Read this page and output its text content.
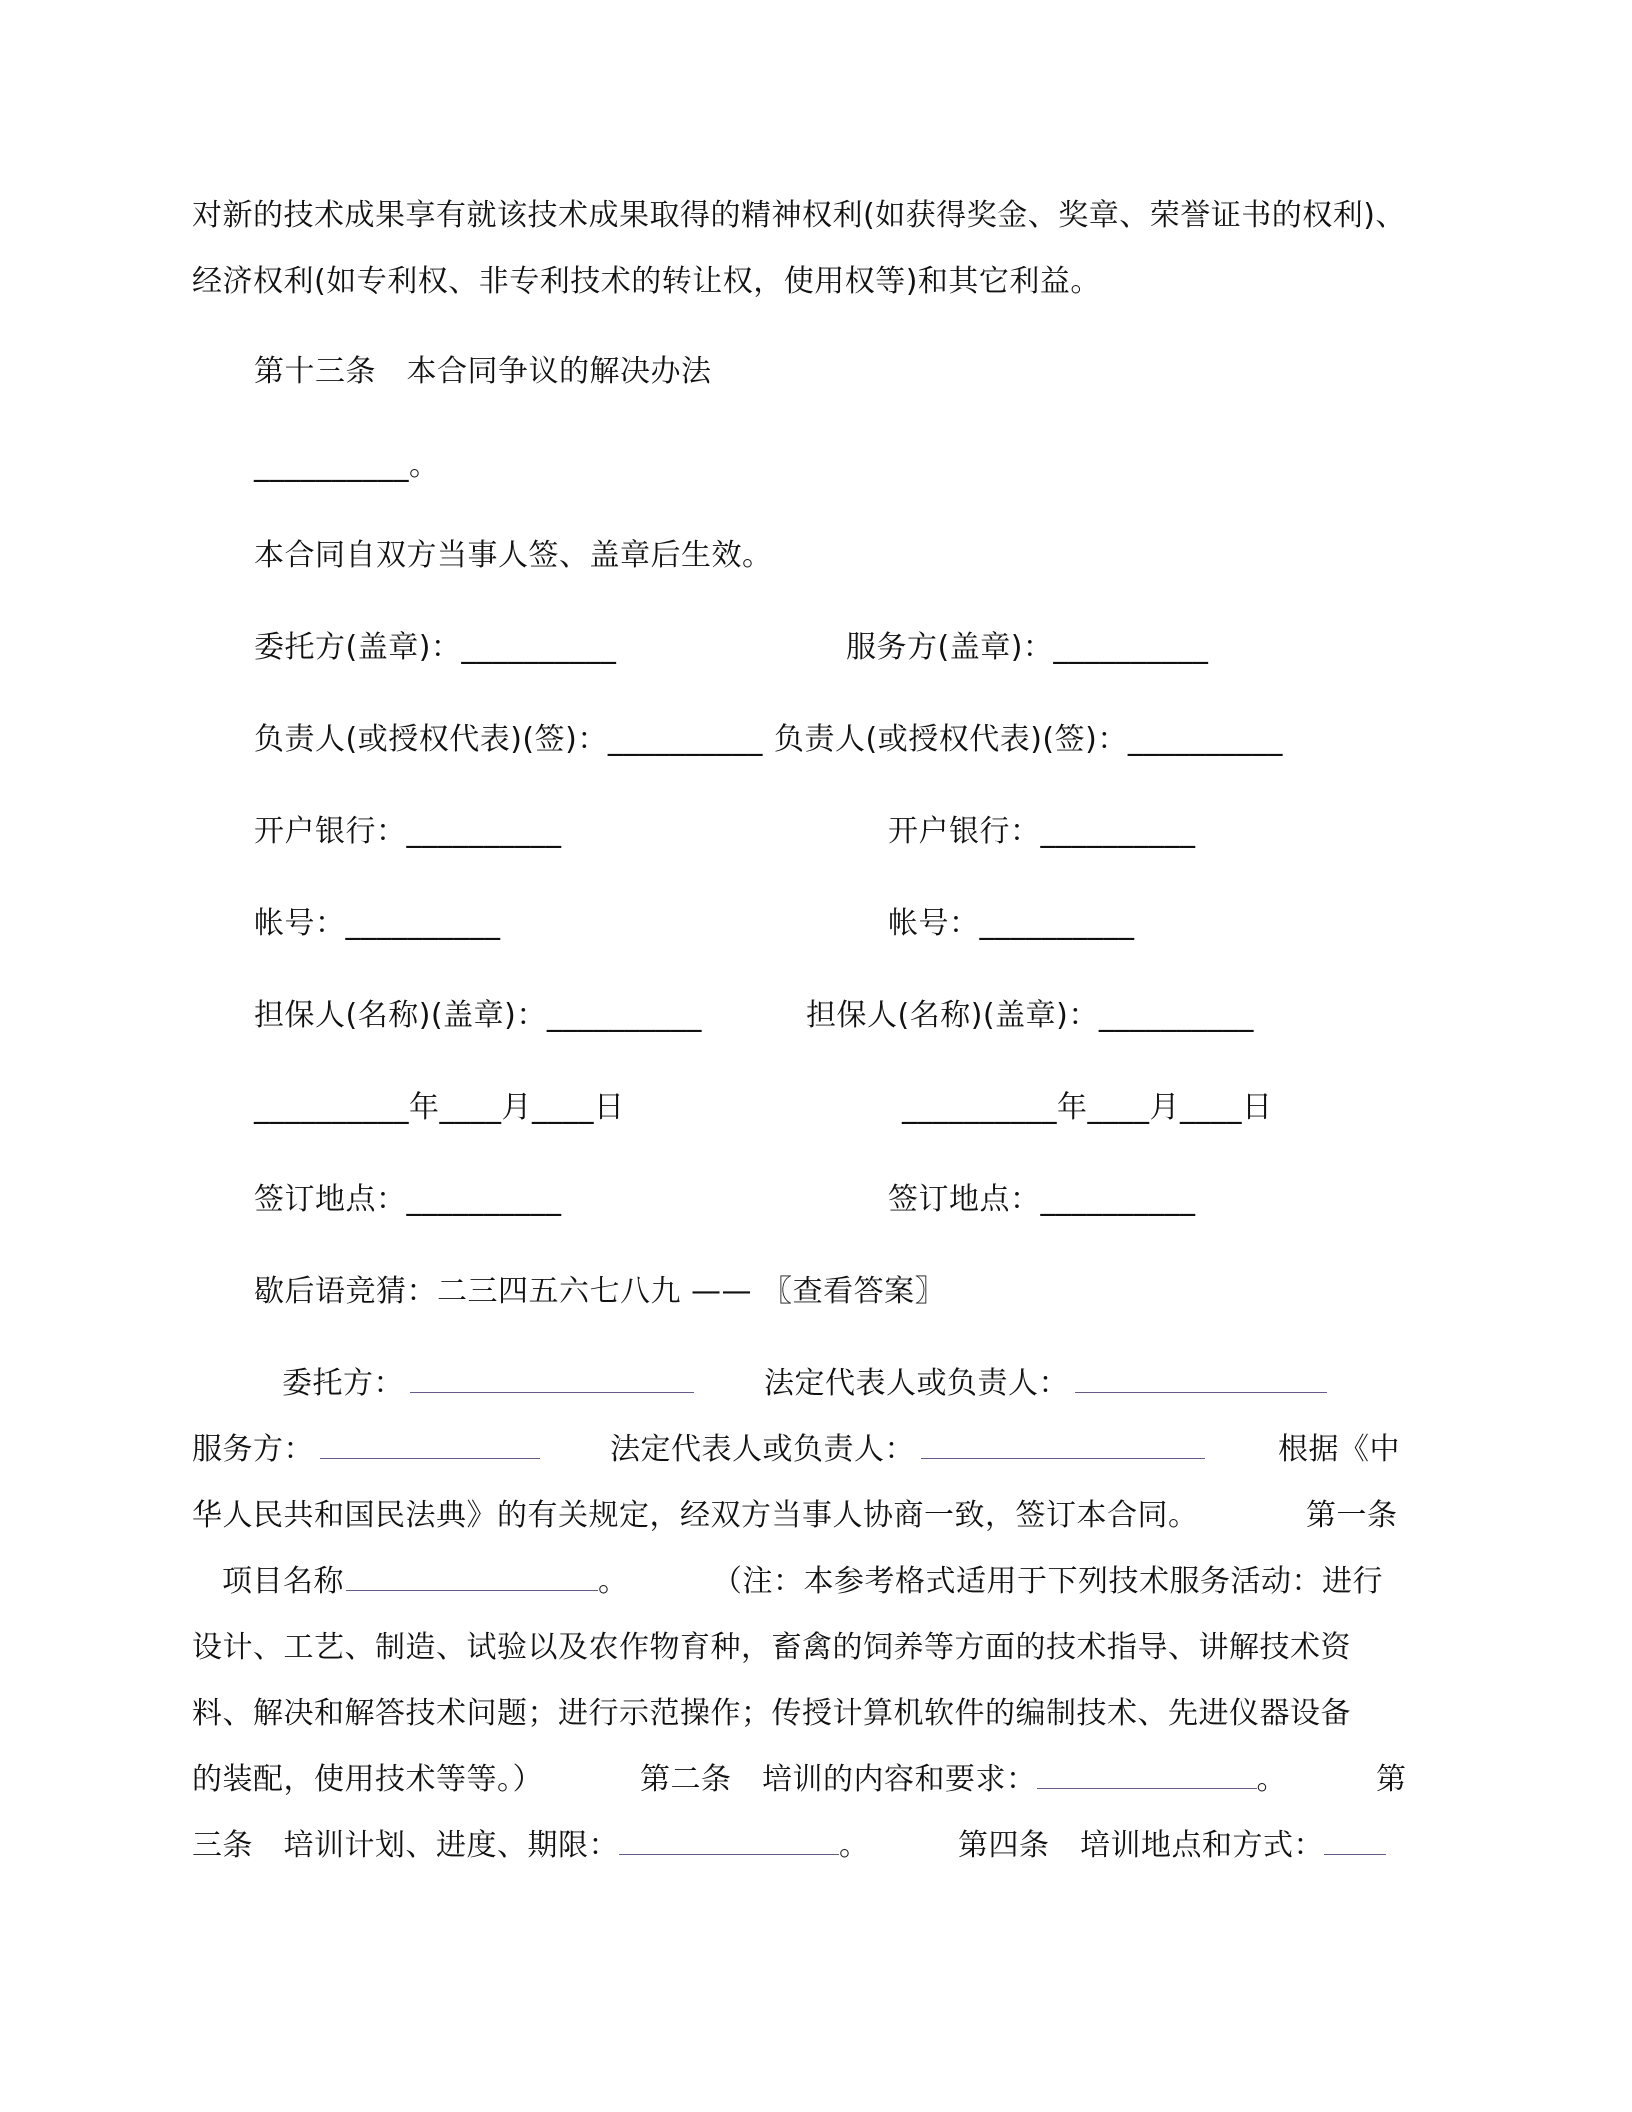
对新的技术成果享有就该技术成果取得的精神权利(如获得奖金、奖章、荣誉证书的权利)、
经济权利(如专利权、非专利技术的转让权，使用权等)和其它利益。
第十三条　本合同争议的解决办法
__________。
本合同自双方当事人签、盖章后生效。
委托方(盖章)：__________	服务方(盖章)：__________
负责人(或授权代表)(签)：__________ 负责人(或授权代表)(签)：__________
开户银行：__________	开户银行：__________
帐号：__________	帐号：__________
担保人(名称)(盖章)：__________	担保人(名称)(盖章)：__________
__________年____月____日	__________年____月____日
签订地点：__________	签订地点：__________
歇后语竞猜：二三四五六七八九 —— 〖查看答案〗
委托方：	法定代表人或负责人：
服务方：	法定代表人或负责人：	根据《中
华人民共和国民法典》的有关规定，经双方当事人协商一致，签订本合同。	第一条
项目名称	。	（注：本参考格式适用于下列技术服务活动：进行
设计、工艺、制造、试验以及农作物育种，畜禽的饲养等方面的技术指导、讲解技术资
料、解决和解答技术问题；进行示范操作；传授计算机软件的编制技术、先进仪器设备
的装配，使用技术等等。）	第二条　培训的内容和要求：	。	第
三条　培训计划、进度、期限：	。	第四条　培训地点和方式：
